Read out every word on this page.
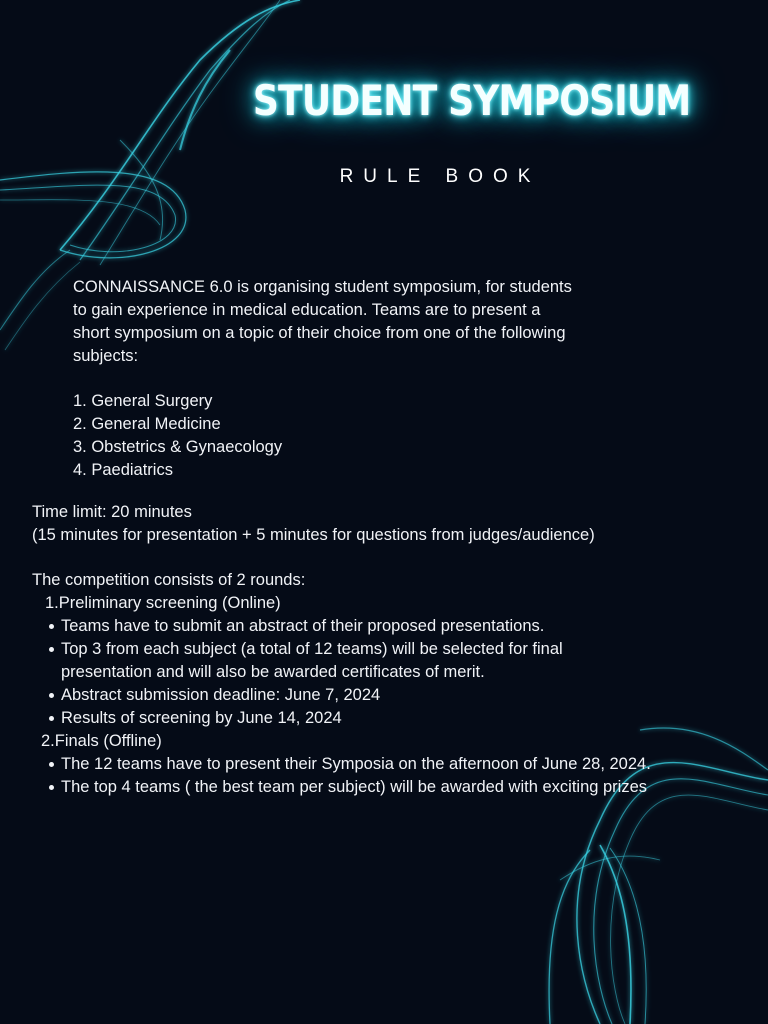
STUDENT SYMPOSIUM
RULE BOOK
CONNAISSANCE 6.0 is organising student symposium, for students
to gain experience in medical education. Teams are to present a
short symposium on a topic of their choice from one of the following
subjects:
1. General Surgery
2. General Medicine
3. Obstetrics & Gynaecology
4. Paediatrics
Time limit: 20 minutes
(15 minutes for presentation + 5 minutes for questions from judges/audience)
The competition consists of 2 rounds:
1.Preliminary screening (Online)
Teams have to submit an abstract of their proposed presentations.
Top 3 from each subject (a total of 12 teams) will be selected for final
presentation and will also be awarded certificates of merit.
Abstract submission deadline: June 7, 2024
Results of screening by June 14, 2024
2.Finals (Offline)
The 12 teams have to present their Symposia on the afternoon of June 28, 2024.
The top 4 teams ( the best team per subject) will be awarded with exciting prizes
